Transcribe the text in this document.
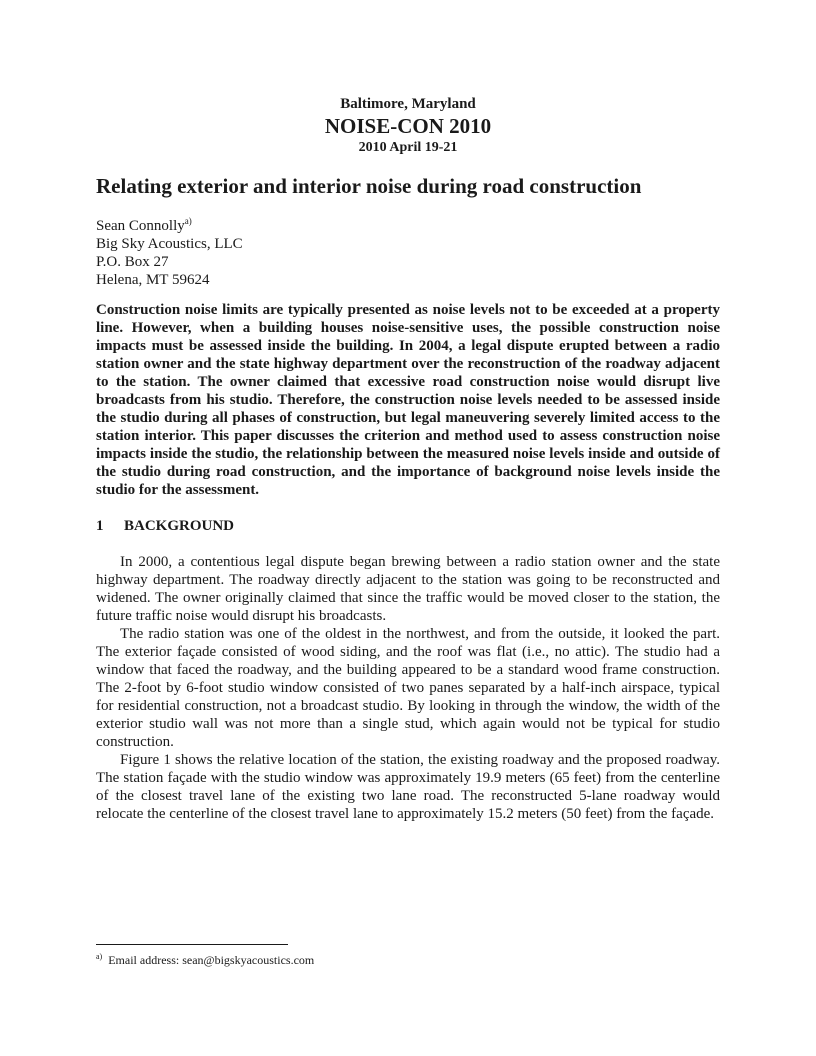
Baltimore, Maryland
NOISE-CON 2010
2010 April 19-21
Relating exterior and interior noise during road construction
Sean Connolly$^{a)}$
Big Sky Acoustics, LLC
P.O. Box 27
Helena, MT 59624
Construction noise limits are typically presented as noise levels not to be exceeded at a property line. However, when a building houses noise-sensitive uses, the possible construction noise impacts must be assessed inside the building. In 2004, a legal dispute erupted between a radio station owner and the state highway department over the reconstruction of the roadway adjacent to the station. The owner claimed that excessive road construction noise would disrupt live broadcasts from his studio. Therefore, the construction noise levels needed to be assessed inside the studio during all phases of construction, but legal maneuvering severely limited access to the station interior. This paper discusses the criterion and method used to assess construction noise impacts inside the studio, the relationship between the measured noise levels inside and outside of the studio during road construction, and the importance of background noise levels inside the studio for the assessment.
1 BACKGROUND

In 2000, a contentious legal dispute began brewing between a radio station owner and the state highway department. The roadway directly adjacent to the station was going to be reconstructed and widened. The owner originally claimed that since the traffic would be moved closer to the station, the future traffic noise would disrupt his broadcasts.

The radio station was one of the oldest in the northwest, and from the outside, it looked the part. The exterior façade consisted of wood siding, and the roof was flat (i.e., no attic). The studio had a window that faced the roadway, and the building appeared to be a standard wood frame construction. The 2-foot by 6-foot studio window consisted of two panes separated by a half-inch airspace, typical for residential construction, not a broadcast studio. By looking in through the window, the width of the exterior studio wall was not more than a single stud, which again would not be typical for studio construction.

Figure 1 shows the relative location of the station, the existing roadway and the proposed roadway. The station façade with the studio window was approximately 19.9 meters (65 feet) from the centerline of the closest travel lane of the existing two lane road. The reconstructed 5-lane roadway would relocate the centerline of the closest travel lane to approximately 15.2 meters (50 feet) from the façade.

$^{a)}$ Email address: sean@bigskyacoustics.com
